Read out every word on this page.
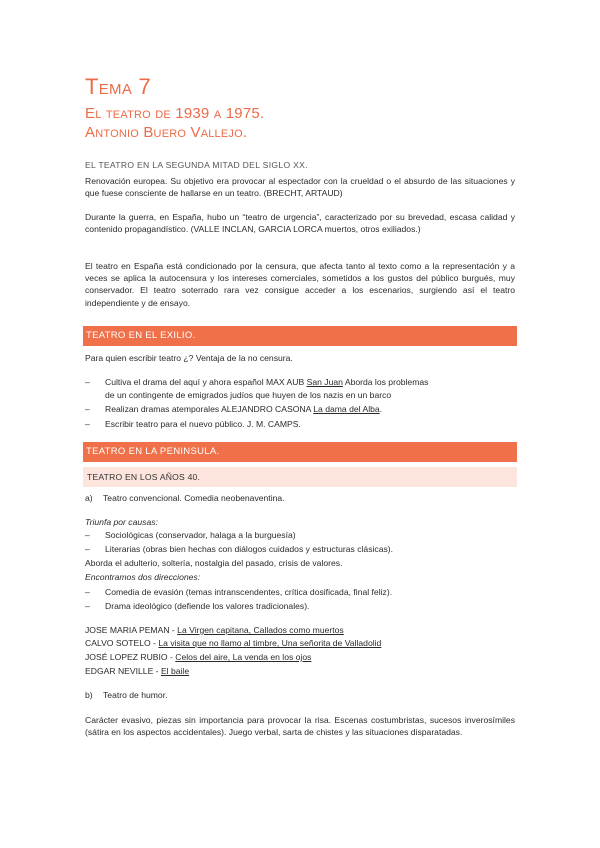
Tema 7
El teatro de 1939 a 1975.
Antonio Buero Vallejo.
EL TEATRO EN LA SEGUNDA MITAD DEL SIGLO XX.
Renovación europea. Su objetivo era provocar al espectador con la crueldad o el absurdo de las situaciones y que fuese consciente de hallarse en un teatro. (BRECHT, ARTAUD)
Durante la guerra, en España, hubo un “teatro de urgencia”, caracterizado por su brevedad, escasa calidad y contenido propagandístico. (VALLE INCLAN, GARCIA LORCA muertos, otros exiliados.)
El teatro en España está condicionado por la censura, que afecta tanto al texto como a la representación y a veces se aplica la autocensura y los intereses comerciales, sometidos a los gustos del público burgués, muy conservador. El teatro soterrado rara vez consigue acceder a los escenarios, surgiendo así el teatro independiente y de ensayo.
TEATRO EN EL EXILIO.
Para quien escribir teatro ¿? Ventaja de la no censura.
– Cultiva el drama del aquí y ahora español MAX AUB San Juan Aborda los problemas
de un contingente de emigrados judíos que huyen de los nazis en un barco
– Realizan dramas atemporales ALEJANDRO CASONA La dama del Alba.
– Escribir teatro para el nuevo público. J. M. CAMPS.
TEATRO EN LA PENINSULA.
TEATRO EN LOS AÑOS 40.
a) Teatro convencional. Comedia neobenaventina.
Triunfa por causas:
– Sociológicas (conservador, halaga a la burguesía)
– Literarias (obras bien hechas con diálogos cuidados y estructuras clásicas).
Aborda el adulterio, soltería, nostalgia del pasado, crisis de valores.
Encontramos dos direcciones:
– Comedia de evasión (temas intranscendentes, crítica dosificada, final feliz).
– Drama ideológico (defiende los valores tradicionales).
JOSE MARIA PEMAN - La Virgen capitana, Callados como muertos
CALVO SOTELO - La visita que no llamo al timbre, Una señorita de Valladolid
JOSÉ LOPEZ RUBIO - Celos del aire, La venda en los ojos
EDGAR NEVILLE - El baile
b) Teatro de humor.
Carácter evasivo, piezas sin importancia para provocar la risa. Escenas costumbristas, sucesos inverosímiles (sátira en los aspectos accidentales). Juego verbal, sarta de chistes y las situaciones disparatadas.
